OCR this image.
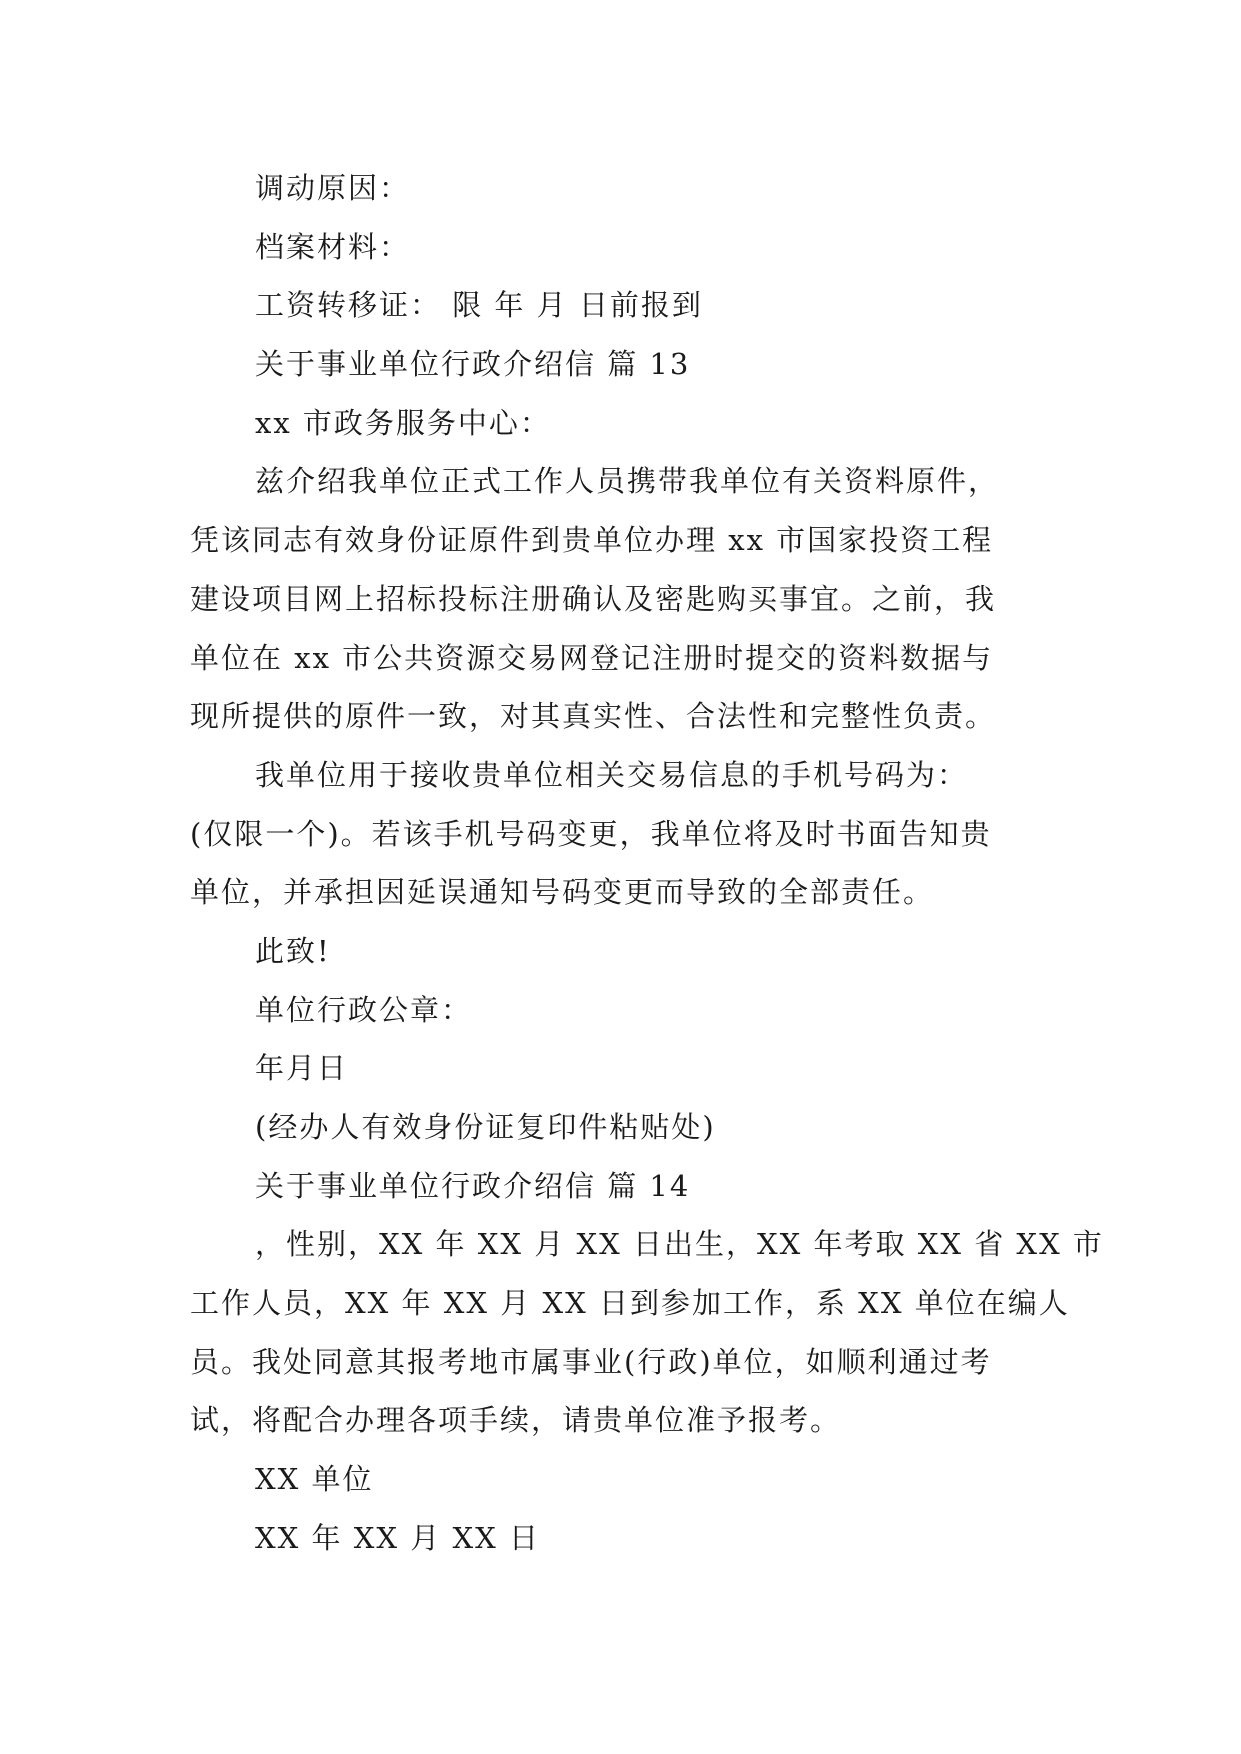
调动原因：
档案材料：
工资转移证： 限 年 月 日前报到
关于事业单位行政介绍信 篇 13
xx 市政务服务中心：
兹介绍我单位正式工作人员携带我单位有关资料原件，
凭该同志有效身份证原件到贵单位办理 xx 市国家投资工程
建设项目网上招标投标注册确认及密匙购买事宜。之前，我
单位在 xx 市公共资源交易网登记注册时提交的资料数据与
现所提供的原件一致，对其真实性、合法性和完整性负责。
我单位用于接收贵单位相关交易信息的手机号码为：
(仅限一个)。若该手机号码变更，我单位将及时书面告知贵
单位，并承担因延误通知号码变更而导致的全部责任。
此致!
单位行政公章：
年月日
(经办人有效身份证复印件粘贴处)
关于事业单位行政介绍信 篇 14
，性别，XX 年 XX 月 XX 日出生，XX 年考取 XX 省 XX 市
工作人员，XX 年 XX 月 XX 日到参加工作，系 XX 单位在编人
员。我处同意其报考地市属事业(行政)单位，如顺利通过考
试，将配合办理各项手续，请贵单位准予报考。
XX 单位
XX 年 XX 月 XX 日
